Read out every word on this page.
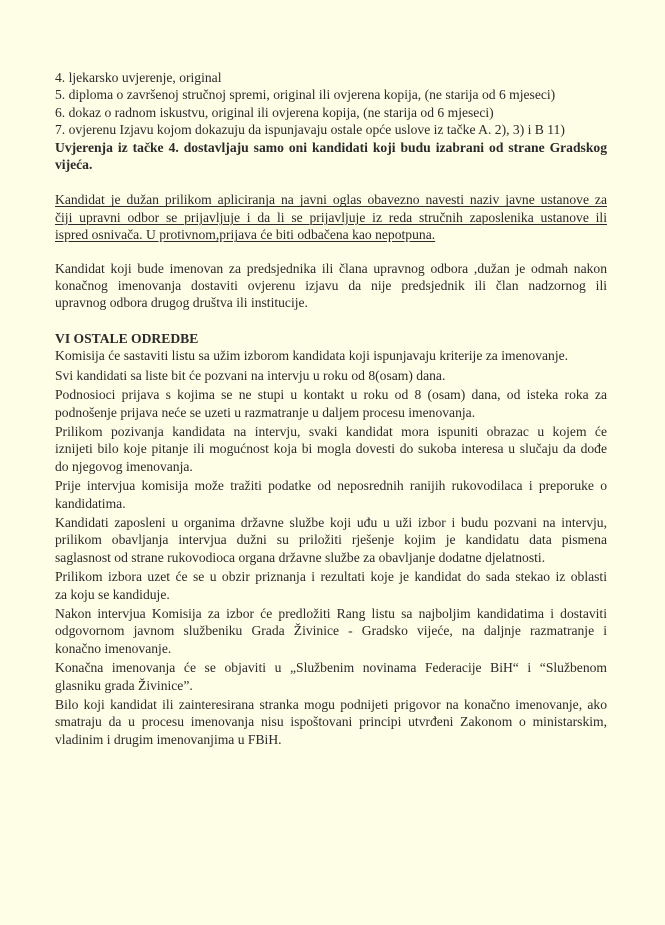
4. ljekarsko uvjerenje, original
5. diploma o završenoj stručnoj spremi, original ili ovjerena kopija, (ne starija od 6 mjeseci)
6. dokaz o radnom iskustvu, original ili ovjerena kopija, (ne starija od 6 mjeseci)
7. ovjerenu Izjavu kojom dokazuju da ispunjavaju ostale opće uslove iz tačke A. 2), 3) i B 11)
Uvjerenja iz tačke 4. dostavljaju samo oni kandidati koji budu izabrani od strane Gradskog
vijeća.
Kandidat je dužan prilikom apliciranja na javni oglas obavezno navesti naziv javne ustanove za
čiji upravni odbor se prijavljuje i da li se prijavljuje iz reda stručnih zaposlenika ustanove ili
ispred osnivača. U protivnom,prijava će biti odbačena kao nepotpuna.
Kandidat koji bude imenovan za predsjednika ili člana upravnog odbora ,dužan je odmah nakon
konačnog imenovanja dostaviti ovjerenu izjavu da nije predsjednik ili član nadzornog ili
upravnog odbora drugog društva ili institucije.
VI OSTALE ODREDBE
Komisija će sastaviti listu sa užim izborom kandidata koji ispunjavaju kriterije za imenovanje.
Svi kandidati sa liste bit će pozvani na intervju u roku od 8(osam) dana.
Podnosioci prijava s kojima se ne stupi u kontakt u roku od 8 (osam) dana, od isteka roka za
podnošenje prijava neće se uzeti u razmatranje u daljem procesu imenovanja.
Prilikom pozivanja kandidata na intervju, svaki kandidat mora ispuniti obrazac u kojem će
iznijeti bilo koje pitanje ili mogućnost koja bi mogla dovesti do sukoba interesa u slučaju da dođe
do njegovog imenovanja.
Prije intervjua komisija može tražiti podatke od neposrednih ranijih rukovodilaca i preporuke o
kandidatima.
Kandidati zaposleni u organima državne službe koji uđu u uži izbor i budu pozvani na intervju,
prilikom obavljanja intervjua dužni su priložiti rješenje kojim je kandidatu data pismena
saglasnost od strane rukovodioca organa državne službe za obavljanje dodatne djelatnosti.
Prilikom izbora uzet će se u obzir priznanja i rezultati koje je kandidat do sada stekao iz oblasti
za koju se kandiduje.
Nakon intervjua Komisija za izbor će predložiti Rang listu sa najboljim kandidatima i dostaviti
odgovornom javnom službeniku Grada Živinice - Gradsko vijeće, na daljnje razmatranje i
konačno imenovanje.
Konačna imenovanja će se objaviti u „Službenim novinama Federacije BiH“ i “Službenom
glasniku grada Živinice”.
Bilo koji kandidat ili zainteresirana stranka mogu podnijeti prigovor na konačno imenovanje, ako
smatraju da u procesu imenovanja nisu ispoštovani principi utvrđeni Zakonom o ministarskim,
vladinim i drugim imenovanjima u FBiH.
